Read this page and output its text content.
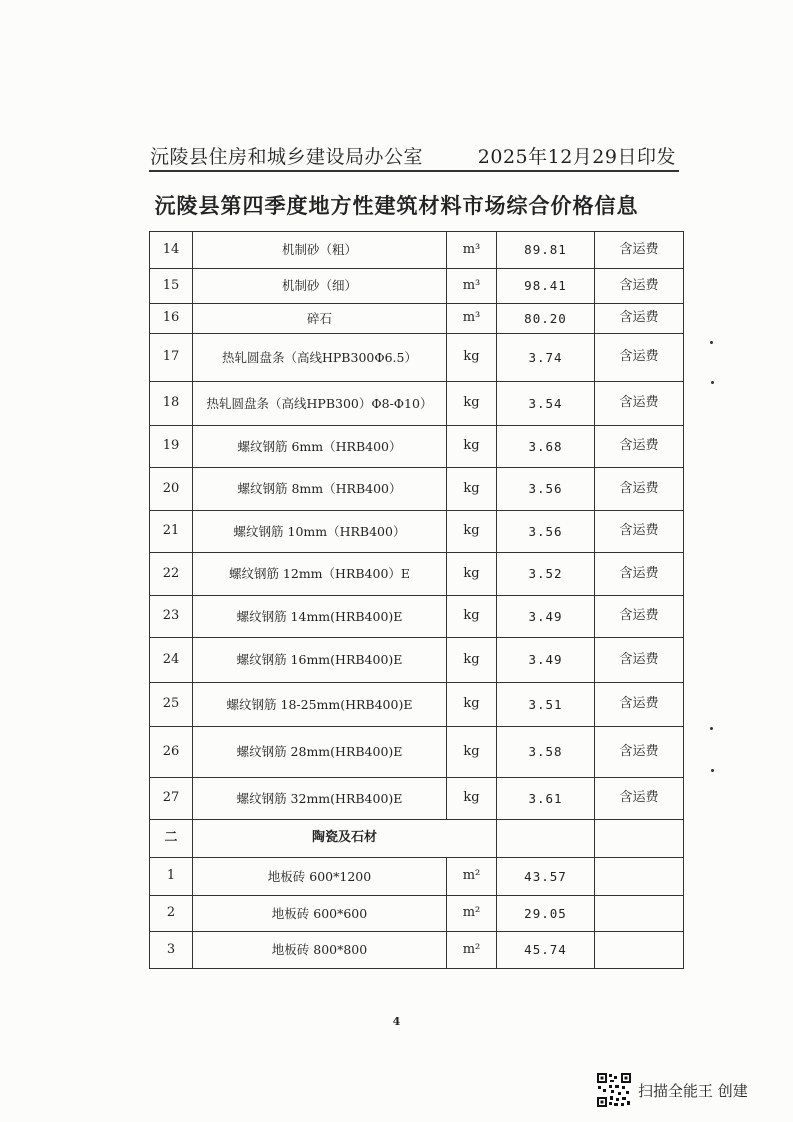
沅陵县住房和城乡建设局办公室	2025年12月29日印发
沅陵县第四季度地方性建筑材料市场综合价格信息
14	机制砂（粗）	m³	89.81	含运费
15	机制砂（细）	m³	98.41	含运费
16	碎石	m³	80.20	含运费
17	热轧圆盘条（高线HPB300Φ6.5）	kg	3.74	含运费
18	热轧圆盘条（高线HPB300）Φ8-Φ10）	kg	3.54	含运费
19	螺纹钢筋 6mm（HRB400）	kg	3.68	含运费
20	螺纹钢筋 8mm（HRB400）	kg	3.56	含运费
21	螺纹钢筋 10mm（HRB400）	kg	3.56	含运费
22	螺纹钢筋 12mm（HRB400）E	kg	3.52	含运费
23	螺纹钢筋 14mm(HRB400)E	kg	3.49	含运费
24	螺纹钢筋 16mm(HRB400)E	kg	3.49	含运费
25	螺纹钢筋 18-25mm(HRB400)E	kg	3.51	含运费
26	螺纹钢筋 28mm(HRB400)E	kg	3.58	含运费
27	螺纹钢筋 32mm(HRB400)E	kg	3.61	含运费
二	陶瓷及石材			
1	地板砖 600*1200	m²	43.57	
2	地板砖 600*600	m²	29.05	
3	地板砖 800*800	m²	45.74	
4
扫描全能王 创建
